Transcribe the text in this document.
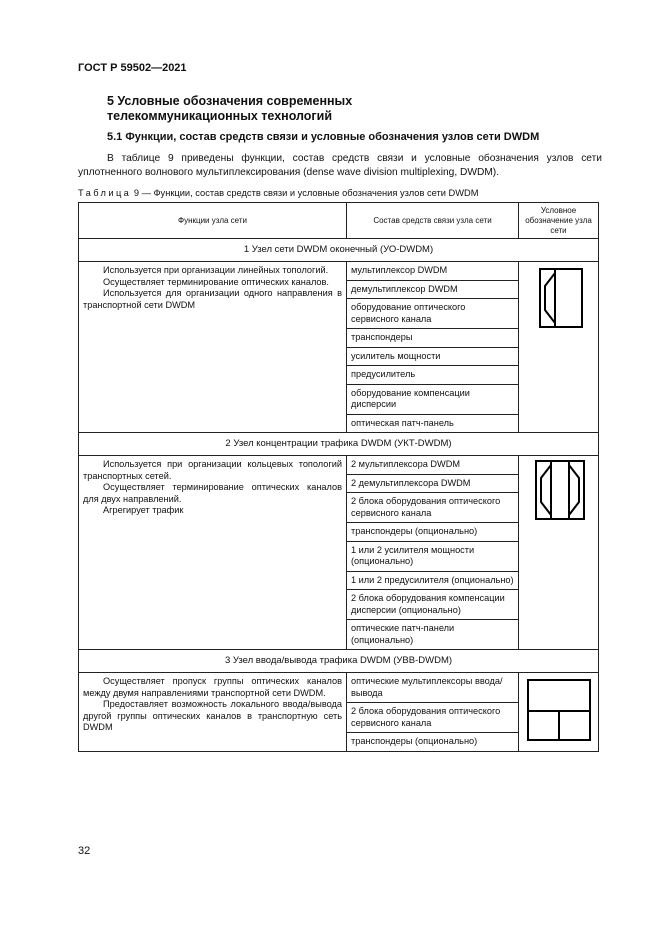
ГОСТ Р 59502—2021
5 Условные обозначения современных телекоммуникационных технологий
5.1 Функции, состав средств связи и условные обозначения узлов сети DWDM
В таблице 9 приведены функции, состав средств связи и условные обозначения узлов сети уплотненного волнового мультиплексирования (dense wave division multiplexing, DWDM).
Таблица 9 — Функции, состав средств связи и условные обозначения узлов сети DWDM
Функции узла сети	Состав средств связи узла сети	Условное обозначение узла сети
1 Узел сети DWDM оконечный (УО-DWDM)		

Используется при организации линейных топологий.

Осуществляет терминирование оптических каналов.

Используется для организации одного направления в транспортной сети DWDM	мультиплексор DWDM	

	демультиплексор DWDM	
	оборудование оптического сервисного канала	
	транспондеры	
	усилитель мощности	
	предусилитель	
	оборудование компенсации дисперсии	
	оптическая патч-панель	
2 Узел концентрации трафика DWDM (УКТ-DWDM)		

Используется при организации кольцевых топологий транспортных сетей.

Осуществляет терминирование оптических каналов для двух направлений.

Агрегирует трафик	2 мультиплексора DWDM	

	2 демультиплексора DWDM	
	2 блока оборудования оптического сервисного канала	
	транспондеры (опционально)	
	1 или 2 усилителя мощности (опционально)	
	1 или 2 предусилителя (опционально)	
	2 блока оборудования компенсации дисперсии (опционально)	
	оптические патч-панели (опционально)	
3 Узел ввода/вывода трафика DWDM (УВВ-DWDM)		

Осуществляет пропуск группы оптических каналов между двумя направлениями транспортной сети DWDM.

Предоставляет возможность локального ввода/вывода другой группы оптических каналов в транспортную сеть DWDM	оптические мультиплексоры ввода/вывода	

	2 блока оборудования оптического сервисного канала	
	транспондеры (опционально)	
32
